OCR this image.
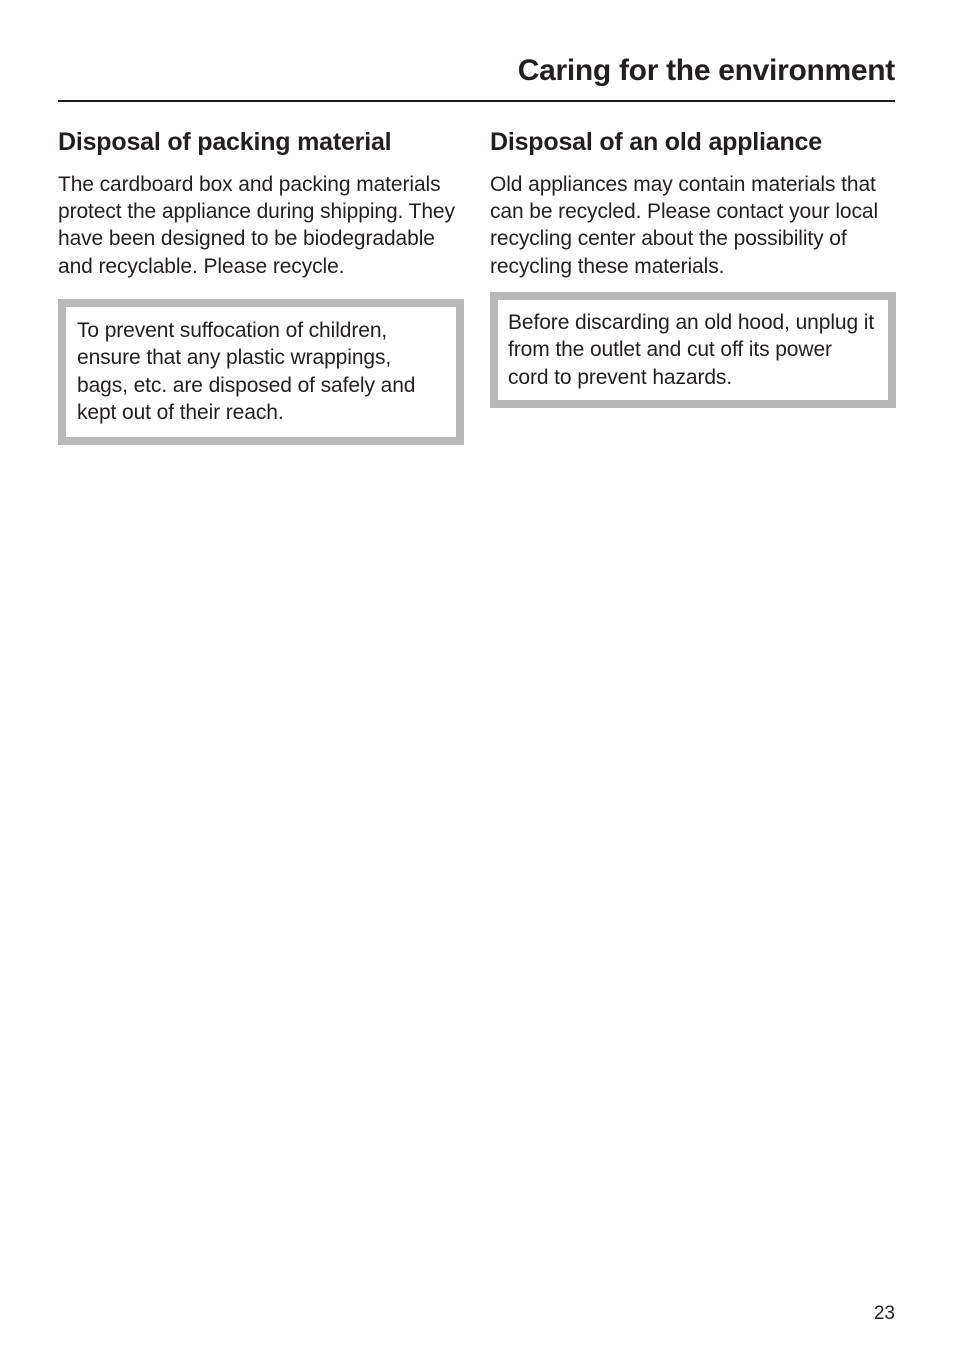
Caring for the environment
Disposal of packing material

The cardboard box and packing materials protect the appliance during shipping. They have been designed to be biodegradable and recyclable. Please recycle.

To prevent suffocation of children, ensure that any plastic wrappings, bags, etc. are disposed of safely and kept out of their reach.
Disposal of an old appliance

Old appliances may contain materials that can be recycled. Please contact your local recycling center about the possibility of recycling these materials.

Before discarding an old hood, unplug it from the outlet and cut off its power cord to prevent hazards.
23
